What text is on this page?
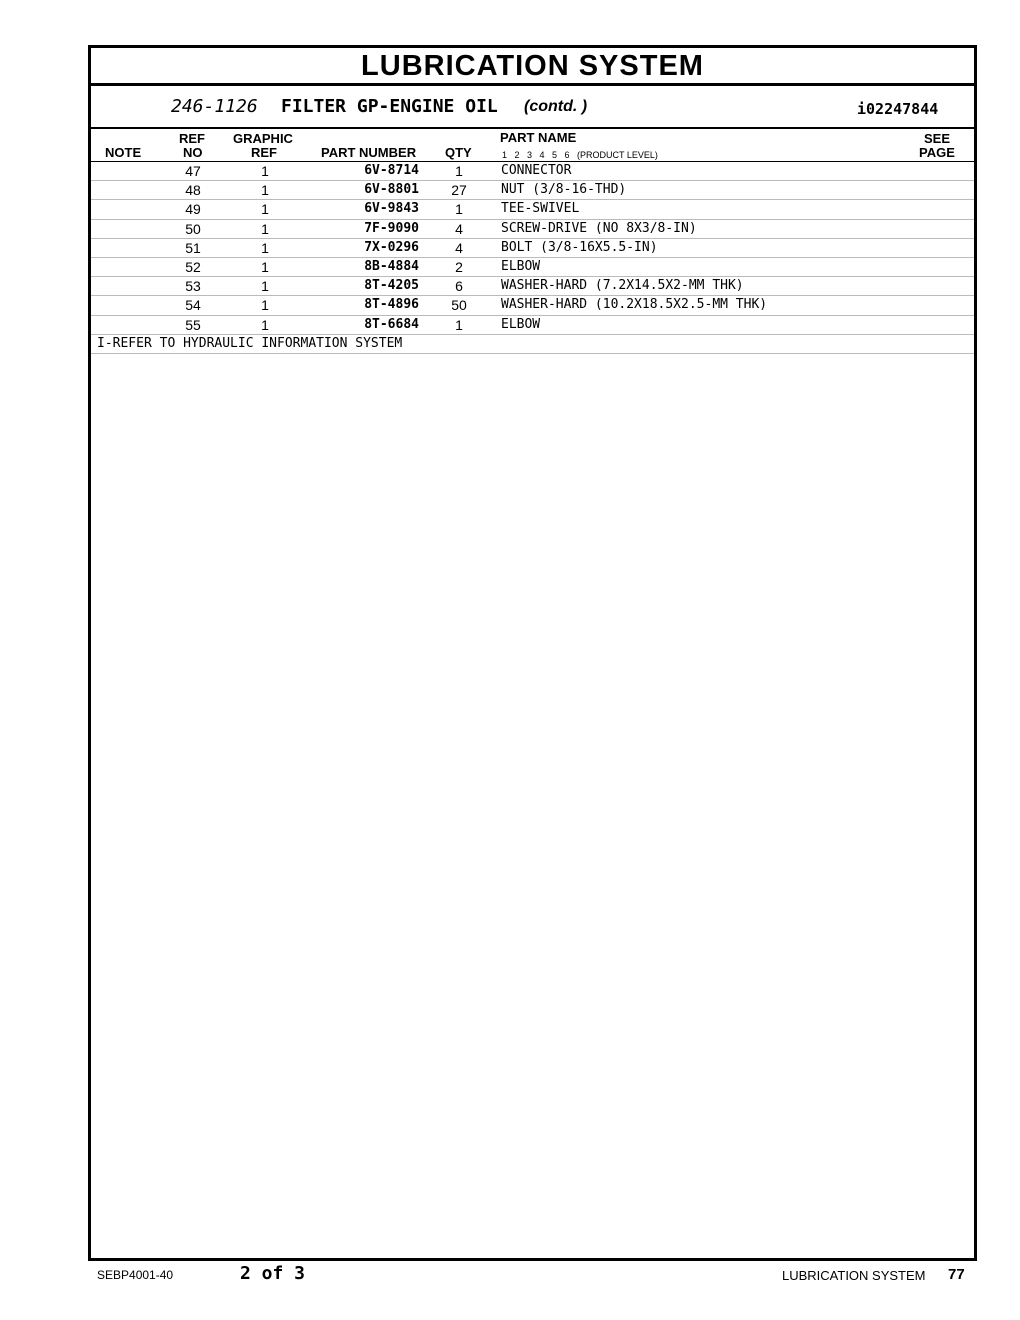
LUBRICATION SYSTEM
246-1126 FILTER GP-ENGINE OIL (contd. )	i02247844
REF GRAPHIC	PART NAME	SEE
NOTE	NO	REF	PART NUMBER QTY	1   2   3   4   5   6   (PRODUCT LEVEL)	PAGE
47	1	6V-8714	1	CONNECTOR
48	1	6V-8801	27	NUT (3/8-16-THD)
49	1	6V-9843	1	TEE-SWIVEL
50	1	7F-9090	4	SCREW-DRIVE (NO 8X3/8-IN)
51	1	7X-0296	4	BOLT (3/8-16X5.5-IN)
52	1	8B-4884	2	ELBOW
53	1	8T-4205	6	WASHER-HARD (7.2X14.5X2-MM THK)
54	1	8T-4896	50	WASHER-HARD (10.2X18.5X2.5-MM THK)
55	1	8T-6684	1	ELBOW
I-REFER TO HYDRAULIC INFORMATION SYSTEM
SEBP4001-40	2 of 3	LUBRICATION SYSTEM 77
